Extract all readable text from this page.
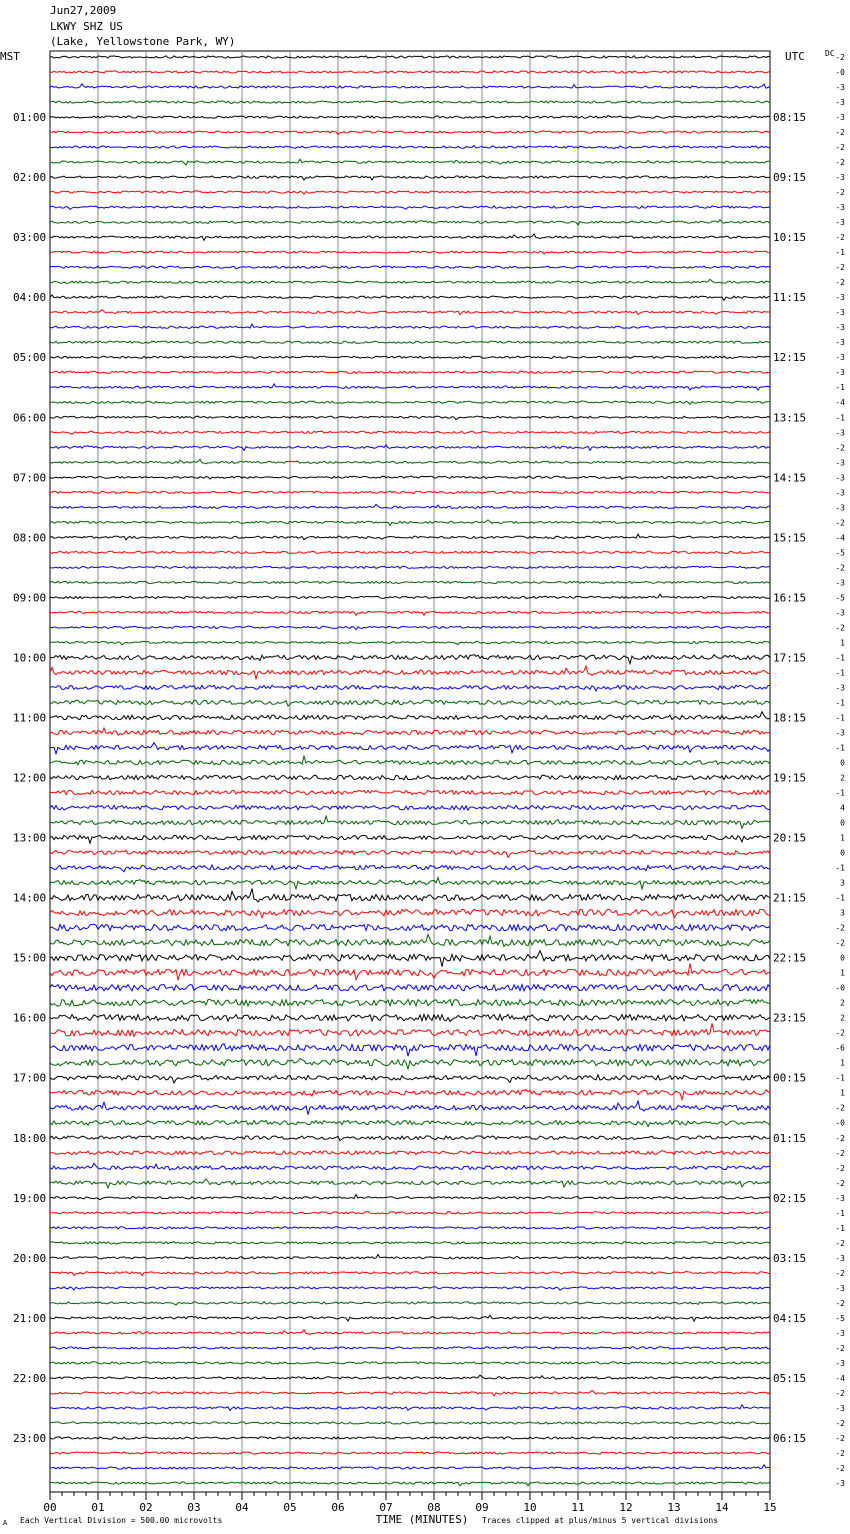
Jun27,2009
LKWY SHZ US
(Lake, Yellowstone Park, WY)
MST	UTC	DC
01:00
02:00
03:00
04:00
05:00
06:00
07:00
08:00
09:00
10:00
11:00
12:00
13:00
14:00
15:00
16:00
17:00
18:00
19:00
20:00
21:00
22:00
23:00
08:15
09:15
10:15
11:15
12:15
13:15
14:15
15:15
16:15
17:15
18:15
19:15
20:15
21:15
22:15
23:15
00:15
01:15
02:15
03:15
04:15
05:15
06:15
-2
-0
-3
-3
-3
-2
-2
-2
-3
-2
-3
-3
-2
-1
-2
-2
-3
-3
-3
-3
-3
-3
-1
-4
-1
-3
-2
-3
-3
-3
-3
-2
-4
-5
-2
-3
-5
-3
-2
1
-1
-1
-3
-1
-1
-3
-1
0
2
-1
4
0
1
0
-1
3
-1
3
-2
-2
0
1
-0
2
2
-2
-6
1
-1
1
-2
-0
-2
-2
-2
-2
-3
-1
-1
-2
-3
-2
-3
-2
-5
-3
-2
-3
-4
-2
-3
-2
-2
-2
-2
-3
00	01	02	03	04	05	06	07	08	09	10	11	12	13	14	15
A Each Vertical Division = 500.00 microvolts	TIME (MINUTES) Traces clipped at plus/minus 5 vertical divisions
